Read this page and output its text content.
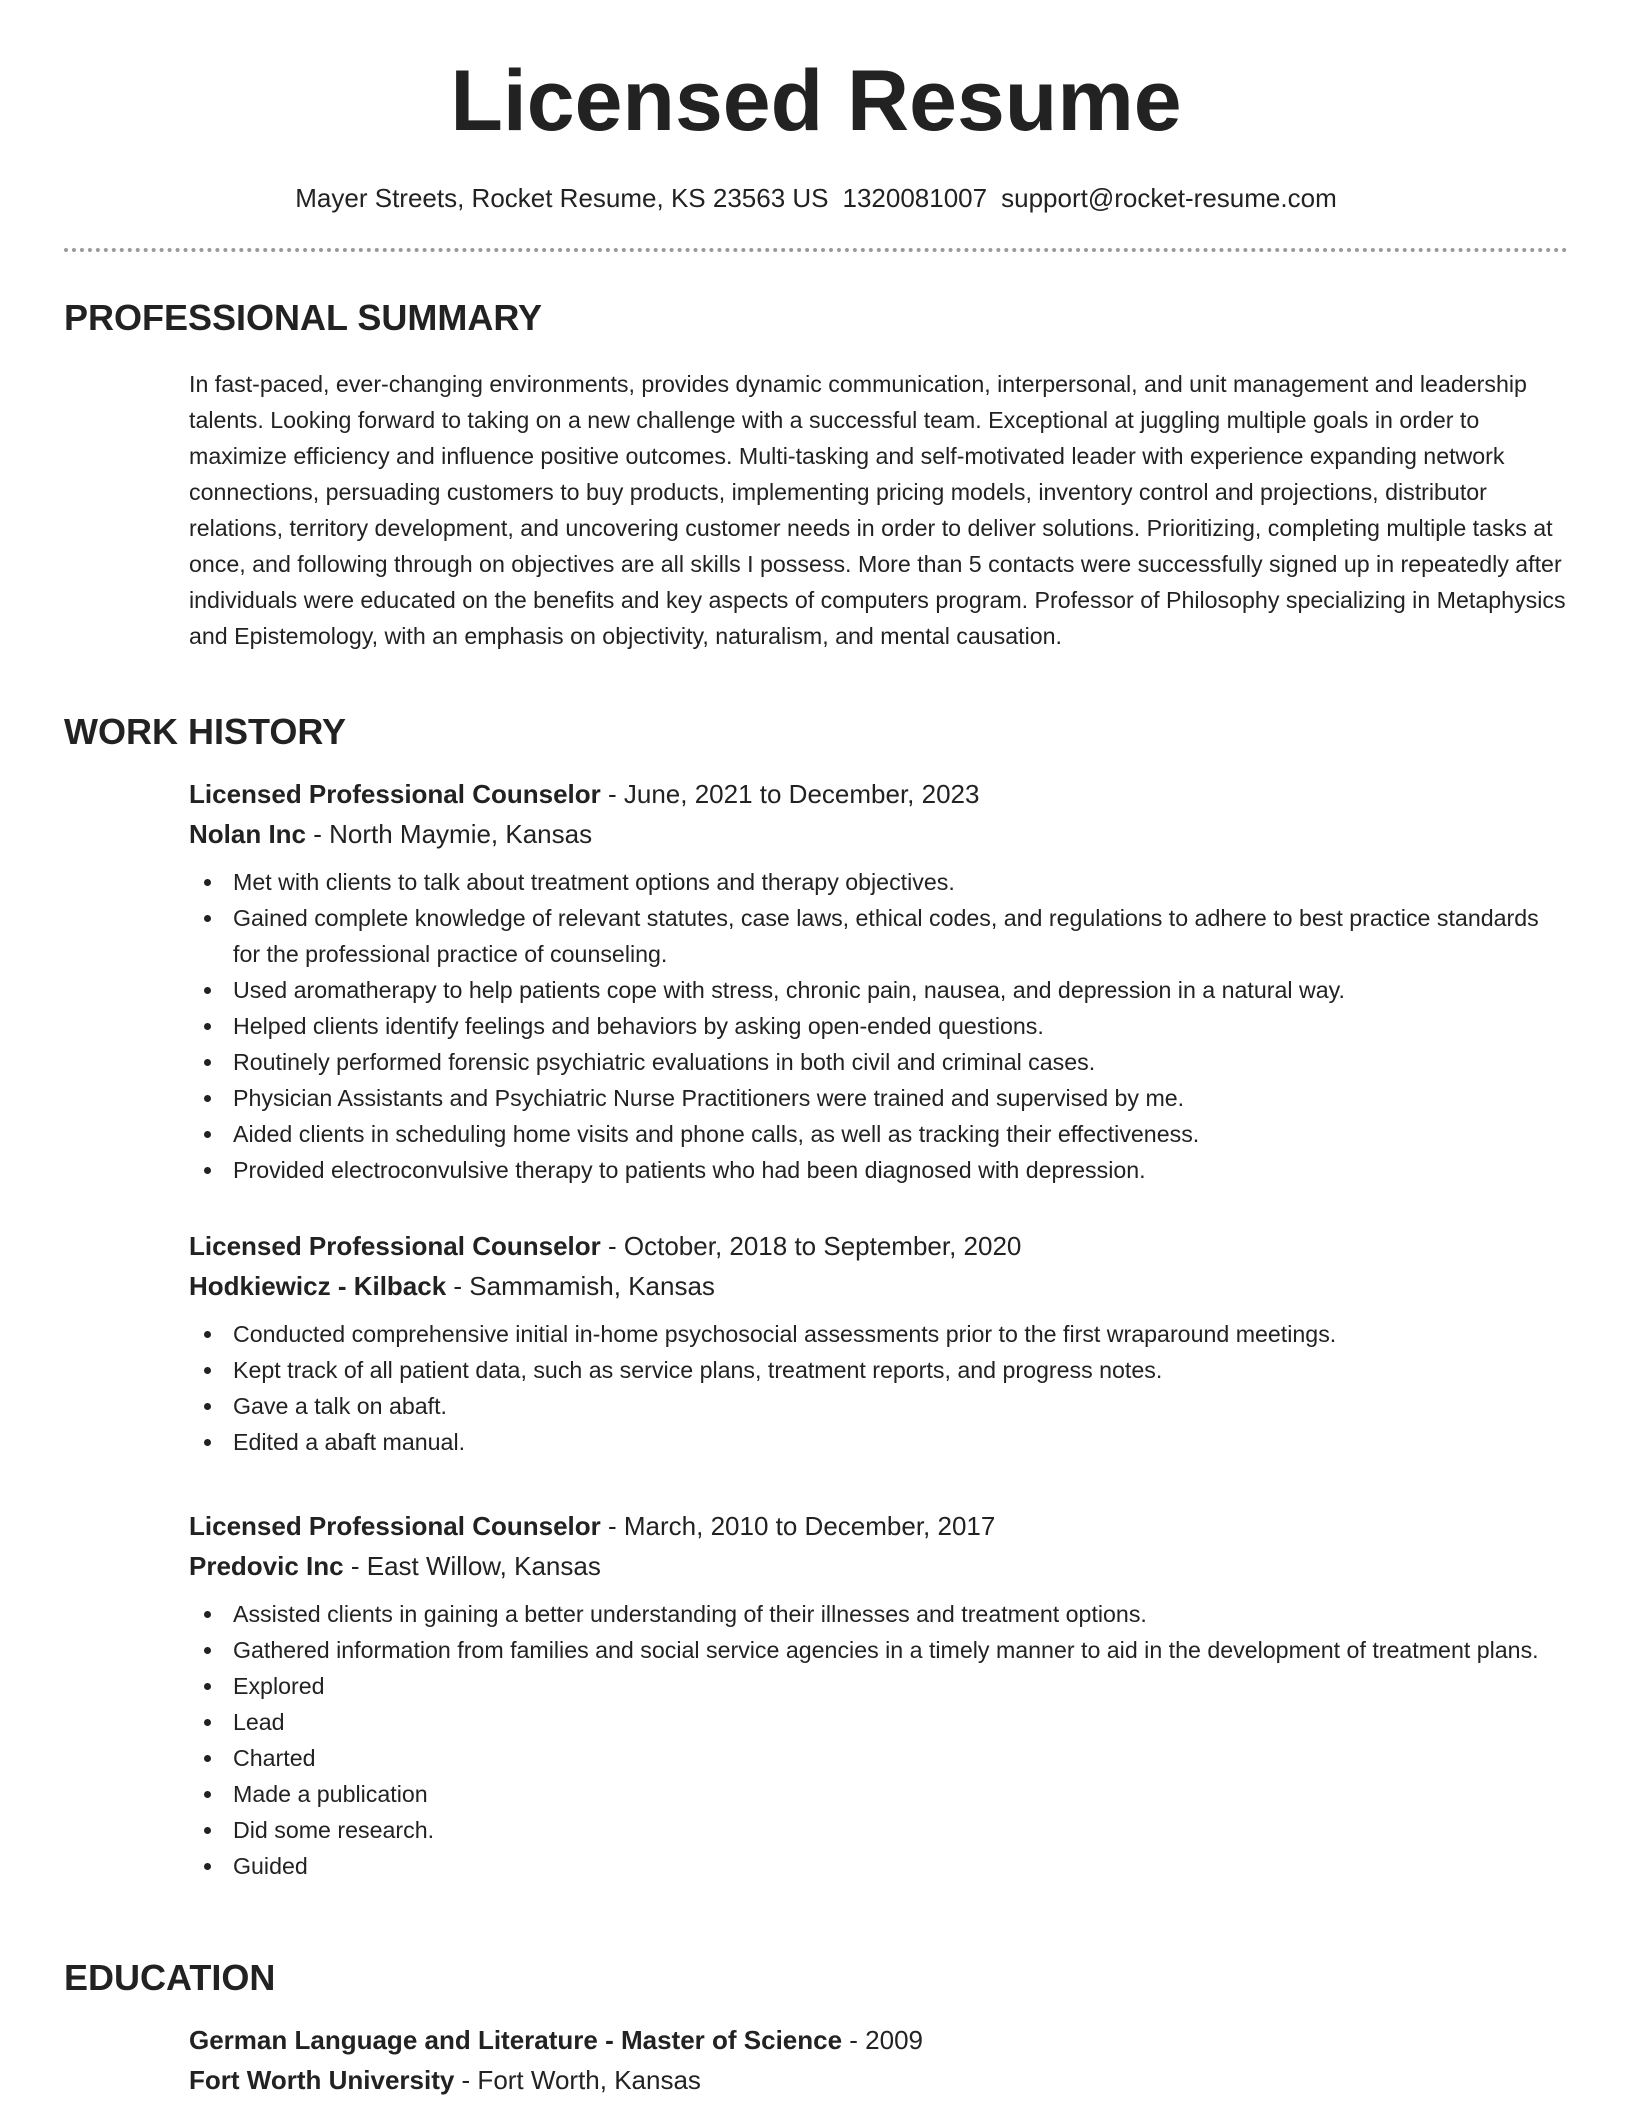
Licensed Resume
Mayer Streets, Rocket Resume, KS 23563 US 1320081007 support@rocket-resume.com
PROFESSIONAL SUMMARY

In fast-paced, ever-changing environments, provides dynamic communication, interpersonal, and unit management and leadership talents. Looking forward to taking on a new challenge with a successful team. Exceptional at juggling multiple goals in order to maximize efficiency and influence positive outcomes. Multi-tasking and self-motivated leader with experience expanding network connections, persuading customers to buy products, implementing pricing models, inventory control and projections, distributor relations, territory development, and uncovering customer needs in order to deliver solutions. Prioritizing, completing multiple tasks at once, and following through on objectives are all skills I possess. More than 5 contacts were successfully signed up in repeatedly after individuals were educated on the benefits and key aspects of computers program. Professor of Philosophy specializing in Metaphysics and Epistemology, with an emphasis on objectivity, naturalism, and mental causation.

WORK HISTORY
Licensed Professional Counselor - June, 2021 to December, 2023
Nolan Inc - North Maymie, Kansas
Met with clients to talk about treatment options and therapy objectives.
Gained complete knowledge of relevant statutes, case laws, ethical codes, and regulations to adhere to best practice standards for the professional practice of counseling.
Used aromatherapy to help patients cope with stress, chronic pain, nausea, and depression in a natural way.
Helped clients identify feelings and behaviors by asking open-ended questions.
Routinely performed forensic psychiatric evaluations in both civil and criminal cases.
Physician Assistants and Psychiatric Nurse Practitioners were trained and supervised by me.
Aided clients in scheduling home visits and phone calls, as well as tracking their effectiveness.
Provided electroconvulsive therapy to patients who had been diagnosed with depression.
Licensed Professional Counselor - October, 2018 to September, 2020
Hodkiewicz - Kilback - Sammamish, Kansas
Conducted comprehensive initial in-home psychosocial assessments prior to the first wraparound meetings.
Kept track of all patient data, such as service plans, treatment reports, and progress notes.
Gave a talk on abaft.
Edited a abaft manual.
Licensed Professional Counselor - March, 2010 to December, 2017
Predovic Inc - East Willow, Kansas
Assisted clients in gaining a better understanding of their illnesses and treatment options.
Gathered information from families and social service agencies in a timely manner to aid in the development of treatment plans.
Explored
Lead
Charted
Made a publication
Did some research.
Guided
EDUCATION
German Language and Literature - Master of Science - 2009
Fort Worth University - Fort Worth, Kansas
